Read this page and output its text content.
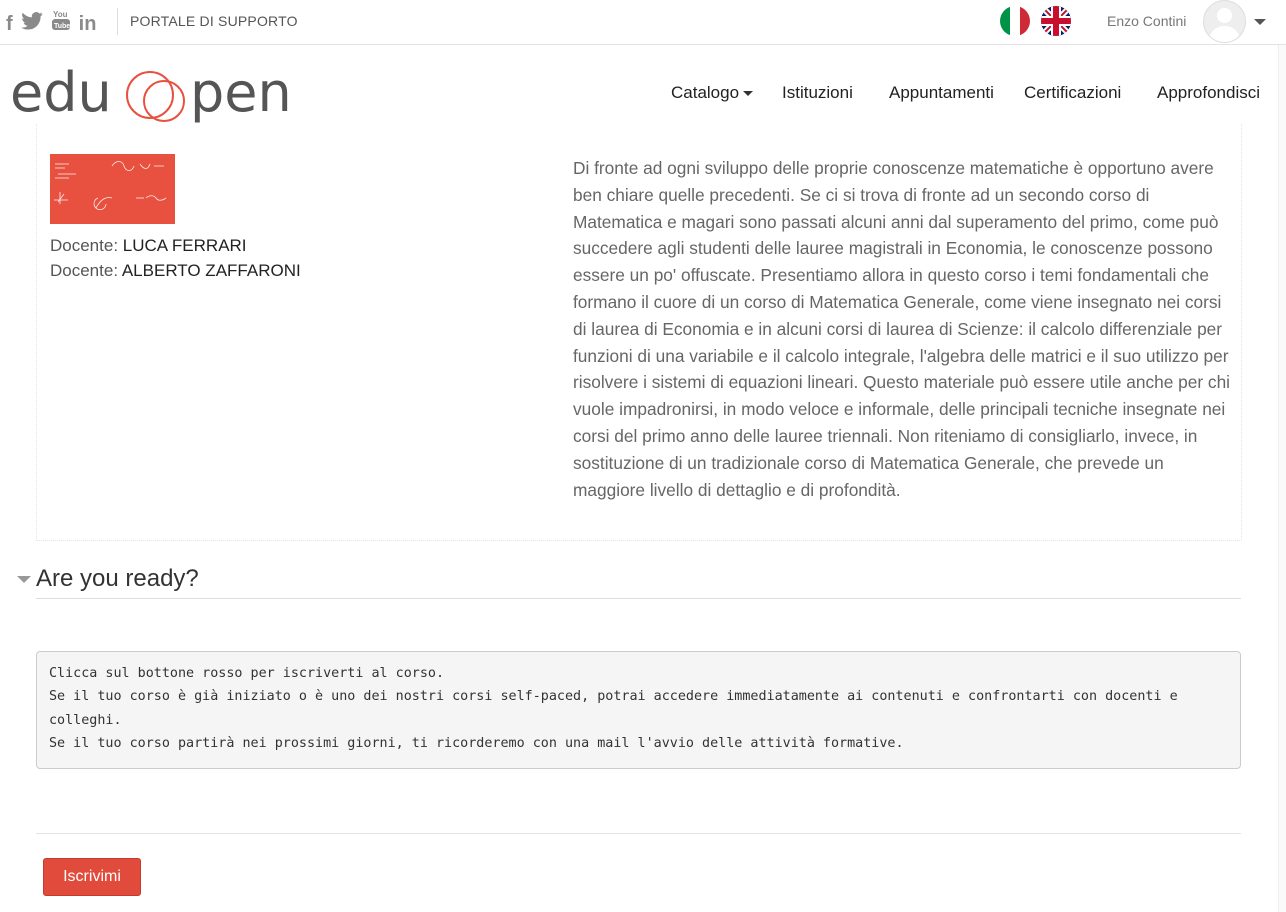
f	You
Tube in PORTALE DI SUPPORTO	Enzo Contini
edu pen	Catalogo	Istituzioni Appuntamenti Certificazioni Approfondisci
Docente: LUCA FERRARI
Docente: ALBERTO ZAFFARONI
Di fronte ad ogni sviluppo delle proprie conoscenze matematiche è opportuno avere ben chiare quelle precedenti. Se ci si trova di fronte ad un secondo corso di Matematica e magari sono passati alcuni anni dal superamento del primo, come può succedere agli studenti delle lauree magistrali in Economia, le conoscenze possono essere un po' offuscate. Presentiamo allora in questo corso i temi fondamentali che formano il cuore di un corso di Matematica Generale, come viene insegnato nei corsi di laurea di Economia e in alcuni corsi di laurea di Scienze: il calcolo differenziale per funzioni di una variabile e il calcolo integrale, l'algebra delle matrici e il suo utilizzo per risolvere i sistemi di equazioni lineari. Questo materiale può essere utile anche per chi vuole impadronirsi, in modo veloce e informale, delle principali tecniche insegnate nei corsi del primo anno delle lauree triennali. Non riteniamo di consigliarlo, invece, in sostituzione di un tradizionale corso di Matematica Generale, che prevede un maggiore livello di dettaglio e di profondità.
Are you ready?
Clicca sul bottone rosso per iscriverti al corso.
Se il tuo corso è già iniziato o è uno dei nostri corsi self-paced, potrai accedere immediatamente ai contenuti e confrontarti con docenti e colleghi.
Se il tuo corso partirà nei prossimi giorni, ti ricorderemo con una mail l'avvio delle attività formative.
Iscrivimi
